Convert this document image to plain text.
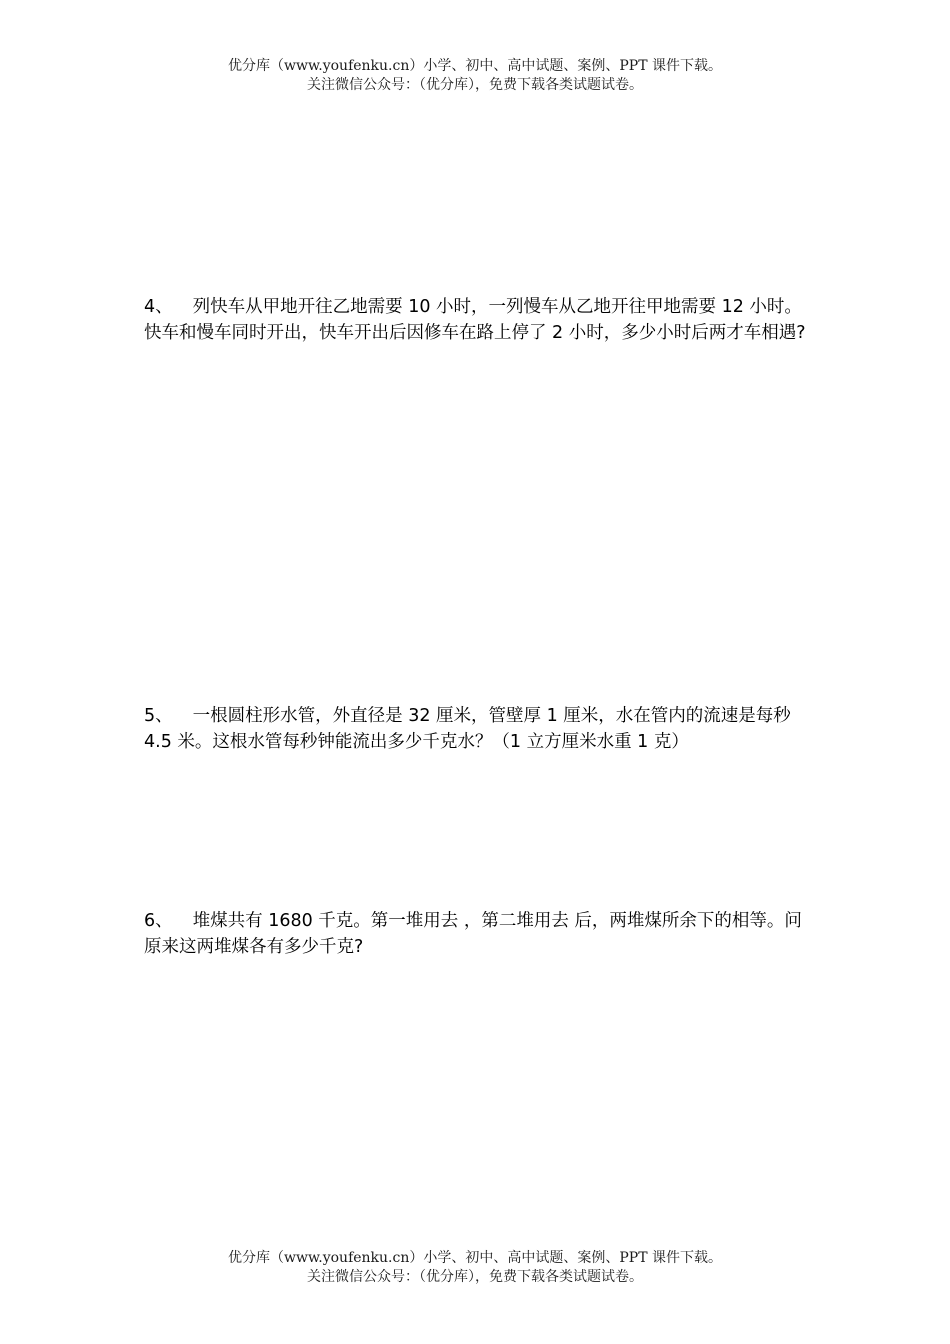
优分库（www.youfenku.cn）小学、初中、高中试题、案例、PPT 课件下载。
关注微信公众号：（优分库），免费下载各类试题试卷。
4、 列快车从甲地开往乙地需要 10 小时，一列慢车从乙地开往甲地需要 12 小时。快车和慢车同时开出，快车开出后因修车在路上停了 2 小时，多少小时后两才车相遇?
5、 一根圆柱形水管，外直径是 32 厘米，管壁厚 1 厘米，水在管内的流速是每秒 4.5 米。这根水管每秒钟能流出多少千克水？（1 立方厘米水重 1 克）
6、 堆煤共有 1680 千克。第一堆用去 ，第二堆用去 后，两堆煤所余下的相等。问原来这两堆煤各有多少千克?
优分库（www.youfenku.cn）小学、初中、高中试题、案例、PPT 课件下载。
关注微信公众号：（优分库），免费下载各类试题试卷。
